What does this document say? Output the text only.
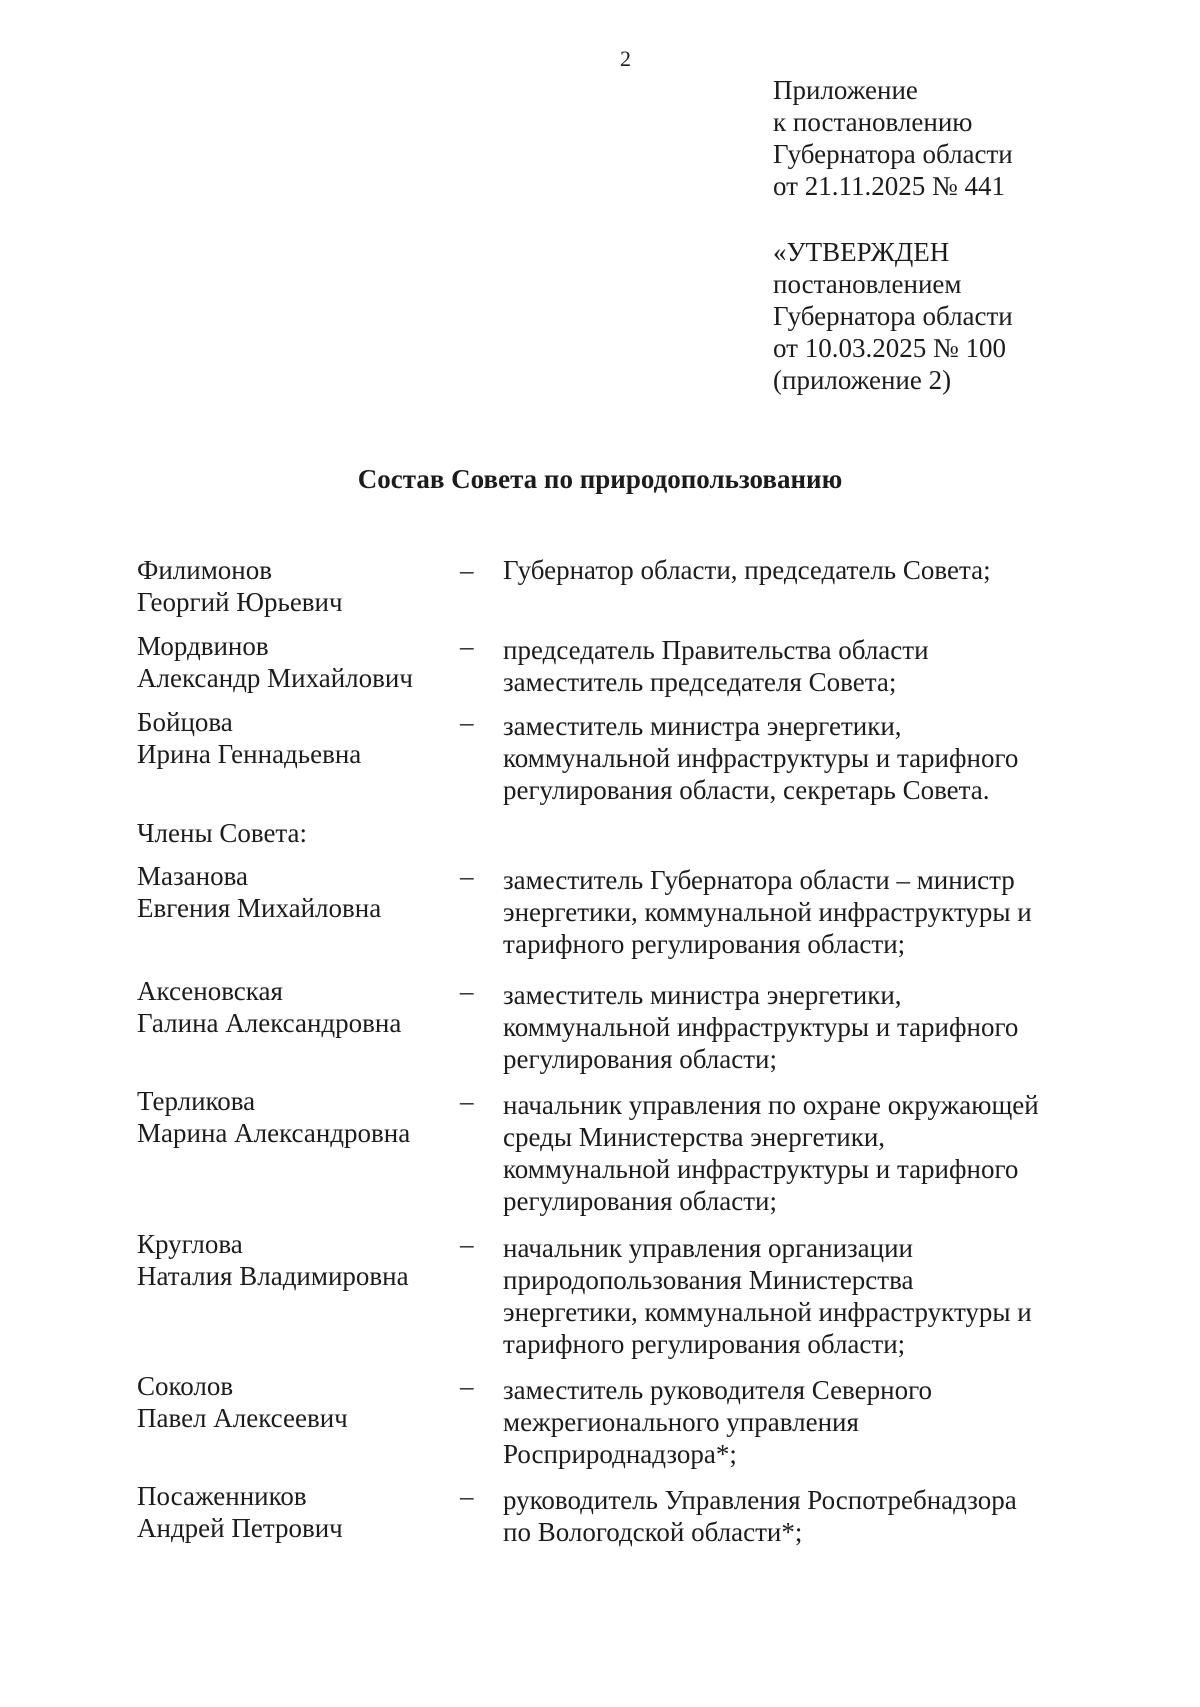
2
Приложение
к постановлению
Губернатора области
от 21.11.2025 № 441
«УТВЕРЖДЕН
постановлением
Губернатора области
от 10.03.2025 № 100
(приложение 2)
Состав Совета по природопользованию
Филимонов
Георгий Юрьевич
– Губернатор области, председатель Совета;
Мордвинов
Александр Михайлович
– председатель Правительства области
заместитель председателя Совета;
Бойцова
Ирина Геннадьевна
– заместитель министра энергетики,
коммунальной инфраструктуры и тарифного
регулирования области, секретарь Совета.
Члены Совета:
Мазанова
Евгения Михайловна
– заместитель Губернатора области – министр
энергетики, коммунальной инфраструктуры и
тарифного регулирования области;
Аксеновская
Галина Александровна
– заместитель министра энергетики,
коммунальной инфраструктуры и тарифного
регулирования области;
Терликова
Марина Александровна
– начальник управления по охране окружающей
среды Министерства энергетики,
коммунальной инфраструктуры и тарифного
регулирования области;
Круглова
Наталия Владимировна
– начальник управления организации
природопользования Министерства
энергетики, коммунальной инфраструктуры и
тарифного регулирования области;
Соколов
Павел Алексеевич
– заместитель руководителя Северного
межрегионального управления
Росприроднадзора*;
Посаженников
Андрей Петрович
– руководитель Управления Роспотребнадзора
по Вологодской области*;
